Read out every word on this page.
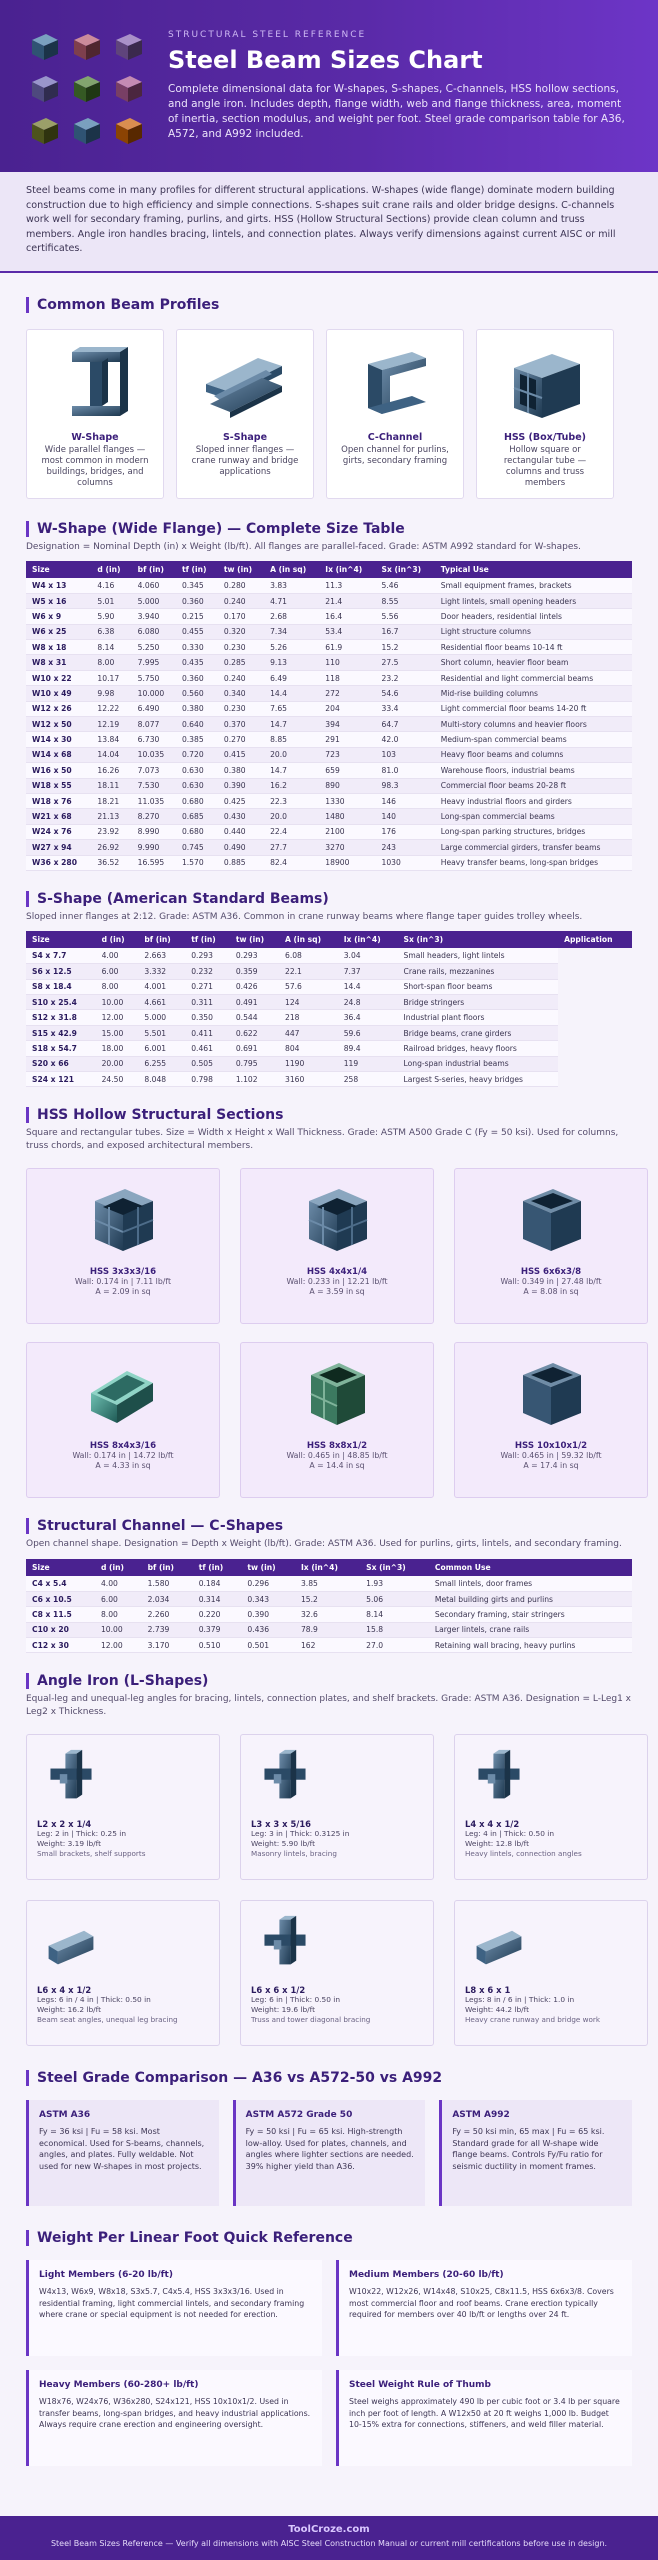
STRUCTURAL STEEL REFERENCE
Steel Beam Sizes Chart

Complete dimensional data for W-shapes, S-shapes, C-channels, HSS hollow sections, and angle iron. Includes depth, flange width, web and flange thickness, area, moment of inertia, section modulus, and weight per foot. Steel grade comparison table for A36, A572, and A992 included.

Steel beams come in many profiles for different structural applications. W-shapes (wide flange) dominate modern building construction due to high efficiency and simple connections. S-shapes suit crane rails and older bridge designs. C-channels work well for secondary framing, purlins, and girts. HSS (Hollow Structural Sections) provide clean column and truss members. Angle iron handles bracing, lintels, and connection plates. Always verify dimensions against current AISC or mill certificates.
Common Beam Profiles
W-Shape
Wide parallel flanges — most common in modern buildings, bridges, and columns
S-Shape
Sloped inner flanges — crane runway and bridge applications
C-Channel
Open channel for purlins, girts, secondary framing
HSS (Box/Tube)
Hollow square or rectangular tube — columns and truss members
W-Shape (Wide Flange) — Complete Size Table
Designation = Nominal Depth (in) x Weight (lb/ft). All flanges are parallel-faced. Grade: ASTM A992 standard for W-shapes.
Size	d (in)	bf (in)	tf (in)	tw (in)	A (in sq)	Ix (in^4)	Sx (in^3)	Typical Use
W4 x 13	4.16	4.060	0.345	0.280	3.83	11.3	5.46	Small equipment frames, brackets
W5 x 16	5.01	5.000	0.360	0.240	4.71	21.4	8.55	Light lintels, small opening headers
W6 x 9	5.90	3.940	0.215	0.170	2.68	16.4	5.56	Door headers, residential lintels
W6 x 25	6.38	6.080	0.455	0.320	7.34	53.4	16.7	Light structure columns
W8 x 18	8.14	5.250	0.330	0.230	5.26	61.9	15.2	Residential floor beams 10-14 ft
W8 x 31	8.00	7.995	0.435	0.285	9.13	110	27.5	Short column, heavier floor beam
W10 x 22	10.17	5.750	0.360	0.240	6.49	118	23.2	Residential and light commercial beams
W10 x 49	9.98	10.000	0.560	0.340	14.4	272	54.6	Mid-rise building columns
W12 x 26	12.22	6.490	0.380	0.230	7.65	204	33.4	Light commercial floor beams 14-20 ft
W12 x 50	12.19	8.077	0.640	0.370	14.7	394	64.7	Multi-story columns and heavier floors
W14 x 30	13.84	6.730	0.385	0.270	8.85	291	42.0	Medium-span commercial beams
W14 x 68	14.04	10.035	0.720	0.415	20.0	723	103	Heavy floor beams and columns
W16 x 50	16.26	7.073	0.630	0.380	14.7	659	81.0	Warehouse floors, industrial beams
W18 x 55	18.11	7.530	0.630	0.390	16.2	890	98.3	Commercial floor beams 20-28 ft
W18 x 76	18.21	11.035	0.680	0.425	22.3	1330	146	Heavy industrial floors and girders
W21 x 68	21.13	8.270	0.685	0.430	20.0	1480	140	Long-span commercial beams
W24 x 76	23.92	8.990	0.680	0.440	22.4	2100	176	Long-span parking structures, bridges
W27 x 94	26.92	9.990	0.745	0.490	27.7	3270	243	Large commercial girders, transfer beams
W36 x 280	36.52	16.595	1.570	0.885	82.4	18900	1030	Heavy transfer beams, long-span bridges
S-Shape (American Standard Beams)
Sloped inner flanges at 2:12. Grade: ASTM A36. Common in crane runway beams where flange taper guides trolley wheels.
Size	d (in)	bf (in)	tf (in)	tw (in)	A (in sq)	Ix (in^4)	Sx (in^3)	Application
S4 x 7.7	4.00	2.663	0.293	0.293	6.08	3.04	Small headers, light lintels	
S6 x 12.5	6.00	3.332	0.232	0.359	22.1	7.37	Crane rails, mezzanines	
S8 x 18.4	8.00	4.001	0.271	0.426	57.6	14.4	Short-span floor beams	
S10 x 25.4	10.00	4.661	0.311	0.491	124	24.8	Bridge stringers	
S12 x 31.8	12.00	5.000	0.350	0.544	218	36.4	Industrial plant floors	
S15 x 42.9	15.00	5.501	0.411	0.622	447	59.6	Bridge beams, crane girders	
S18 x 54.7	18.00	6.001	0.461	0.691	804	89.4	Railroad bridges, heavy floors	
S20 x 66	20.00	6.255	0.505	0.795	1190	119	Long-span industrial beams	
S24 x 121	24.50	8.048	0.798	1.102	3160	258	Largest S-series, heavy bridges	
HSS Hollow Structural Sections
Square and rectangular tubes. Size = Width x Height x Wall Thickness. Grade: ASTM A500 Grade C (Fy = 50 ksi). Used for columns, truss chords, and exposed architectural members.
HSS 3x3x3/16
Wall: 0.174 in | 7.11 lb/ft
A = 2.09 in sq
HSS 4x4x1/4
Wall: 0.233 in | 12.21 lb/ft
A = 3.59 in sq
HSS 6x6x3/8
Wall: 0.349 in | 27.48 lb/ft
A = 8.08 in sq
HSS 8x4x3/16
Wall: 0.174 in | 14.72 lb/ft
A = 4.33 in sq
HSS 8x8x1/2
Wall: 0.465 in | 48.85 lb/ft
A = 14.4 in sq
HSS 10x10x1/2
Wall: 0.465 in | 59.32 lb/ft
A = 17.4 in sq
Structural Channel — C-Shapes
Open channel shape. Designation = Depth x Weight (lb/ft). Grade: ASTM A36. Used for purlins, girts, lintels, and secondary framing.
Size	d (in)	bf (in)	tf (in)	tw (in)	Ix (in^4)	Sx (in^3)	Common Use
C4 x 5.4	4.00	1.580	0.184	0.296	3.85	1.93	Small lintels, door frames
C6 x 10.5	6.00	2.034	0.314	0.343	15.2	5.06	Metal building girts and purlins
C8 x 11.5	8.00	2.260	0.220	0.390	32.6	8.14	Secondary framing, stair stringers
C10 x 20	10.00	2.739	0.379	0.436	78.9	15.8	Larger lintels, crane rails
C12 x 30	12.00	3.170	0.510	0.501	162	27.0	Retaining wall bracing, heavy purlins
Angle Iron (L-Shapes)
Equal-leg and unequal-leg angles for bracing, lintels, connection plates, and shelf brackets. Grade: ASTM A36. Designation = L-Leg1 x Leg2 x Thickness.
L2 x 2 x 1/4
Leg: 2 in | Thick: 0.25 in
Weight: 3.19 lb/ft
Small brackets, shelf supports
L3 x 3 x 5/16
Leg: 3 in | Thick: 0.3125 in
Weight: 5.90 lb/ft
Masonry lintels, bracing
L4 x 4 x 1/2
Leg: 4 in | Thick: 0.50 in
Weight: 12.8 lb/ft
Heavy lintels, connection angles
L6 x 4 x 1/2
Legs: 6 in / 4 in | Thick: 0.50 in
Weight: 16.2 lb/ft
Beam seat angles, unequal leg bracing
L6 x 6 x 1/2
Leg: 6 in | Thick: 0.50 in
Weight: 19.6 lb/ft
Truss and tower diagonal bracing
L8 x 6 x 1
Legs: 8 in / 6 in | Thick: 1.0 in
Weight: 44.2 lb/ft
Heavy crane runway and bridge work
Steel Grade Comparison — A36 vs A572-50 vs A992
ASTM A36
Fy = 36 ksi | Fu = 58 ksi. Most economical. Used for S-beams, channels, angles, and plates. Fully weldable. Not used for new W-shapes in most projects.
ASTM A572 Grade 50
Fy = 50 ksi | Fu = 65 ksi. High-strength low-alloy. Used for plates, channels, and angles where lighter sections are needed. 39% higher yield than A36.
ASTM A992
Fy = 50 ksi min, 65 max | Fu = 65 ksi. Standard grade for all W-shape wide flange beams. Controls Fy/Fu ratio for seismic ductility in moment frames.
Weight Per Linear Foot Quick Reference
Light Members (6-20 lb/ft)
W4x13, W6x9, W8x18, S3x5.7, C4x5.4, HSS 3x3x3/16. Used in residential framing, light commercial lintels, and secondary framing where crane or special equipment is not needed for erection.
Medium Members (20-60 lb/ft)
W10x22, W12x26, W14x48, S10x25, C8x11.5, HSS 6x6x3/8. Covers most commercial floor and roof beams. Crane erection typically required for members over 40 lb/ft or lengths over 24 ft.
Heavy Members (60-280+ lb/ft)
W18x76, W24x76, W36x280, S24x121, HSS 10x10x1/2. Used in transfer beams, long-span bridges, and heavy industrial applications. Always require crane erection and engineering oversight.
Steel Weight Rule of Thumb
Steel weighs approximately 490 lb per cubic foot or 3.4 lb per square inch per foot of length. A W12x50 at 20 ft weighs 1,000 lb. Budget 10-15% extra for connections, stiffeners, and weld filler material.
ToolCroze.com
Steel Beam Sizes Reference — Verify all dimensions with AISC Steel Construction Manual or current mill certifications before use in design.
